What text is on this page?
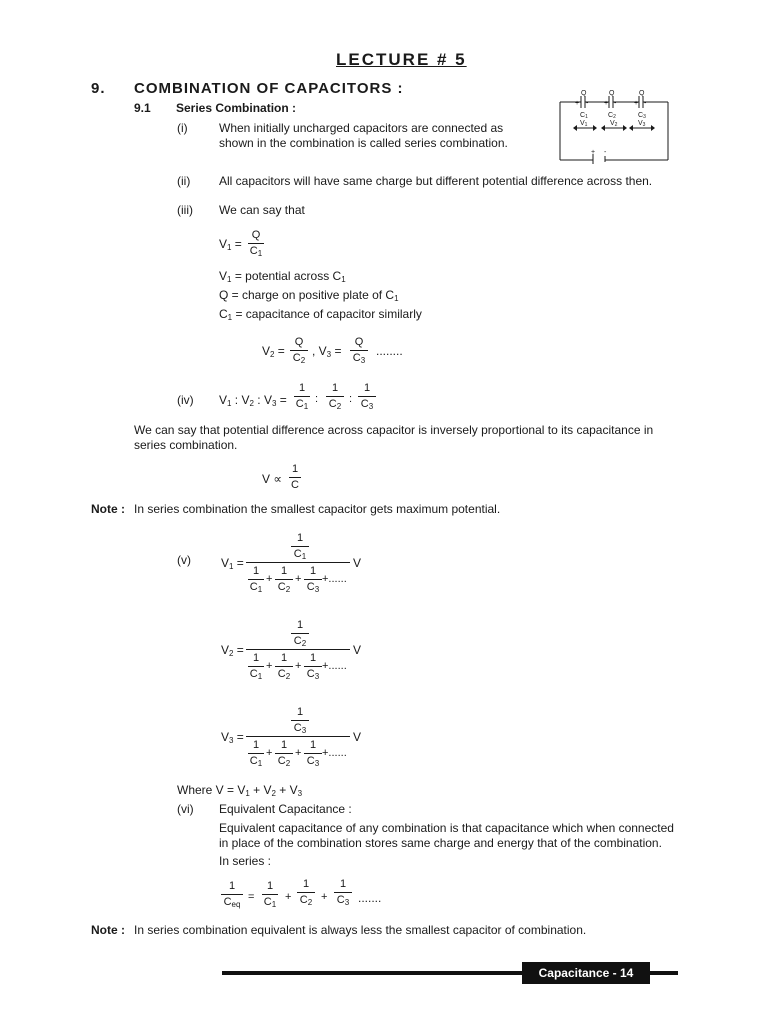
LECTURE # 5
9. COMBINATION OF CAPACITORS :
9.1 Series Combination :
Q	Q	Q
+ - + -	+ -
C1	C2	C3
V1	V2	V3
+ -
(i)	When initially uncharged capacitors are connected as
shown in the combination is called series combination.
(ii) All capacitors will have same charge but different potential difference across then.
(iii) We can say that
$V_1$ =
Q
$C_1$
$V_1$ = potential across $C_1$
Q = charge on positive plate of $C_1$
$C_1$ = capacitance of capacitor similarly
$V_2$ =
Q
$C_2$
, $V_3$ =
Q
$C_3$
........
(iv) $V_1$ : $V_2$ : $V_3$ =
1
$C_1$
:
1
$C_2$
:
1
$C_3$
We can say that potential difference across capacitor is inversely proportional to its capacitance in
series combination.
V ∝
1
C
Note : In series combination the smallest capacitor gets maximum potential.
(v)	$V_1$ =
1
$C_1$	V
1
$C_1$
+
1
$C_2$
+
1
$C_3$
+......
$V_2$ =
1
$C_2$	V
1
$C_1$
+
1
$C_2$
+
1
$C_3$
+......
$V_3$ =
1
$C_3$	V
1
$C_1$
+
1
$C_2$
+
1
$C_3$
+......
Where $V = V_1 + V_2 + V_3$
(vi) Equivalent Capacitance :
Equivalent capacitance of any combination is that capacitance which when connected
in place of the combination stores same charge and energy that of the combination.
In series :
1
$C_{eq}$
=
1
$C_1$
+
1
$C_2$ +
1
$C_3$ .......
Note : In series combination equivalent is always less the smallest capacitor of combination.
Capacitance - 14
